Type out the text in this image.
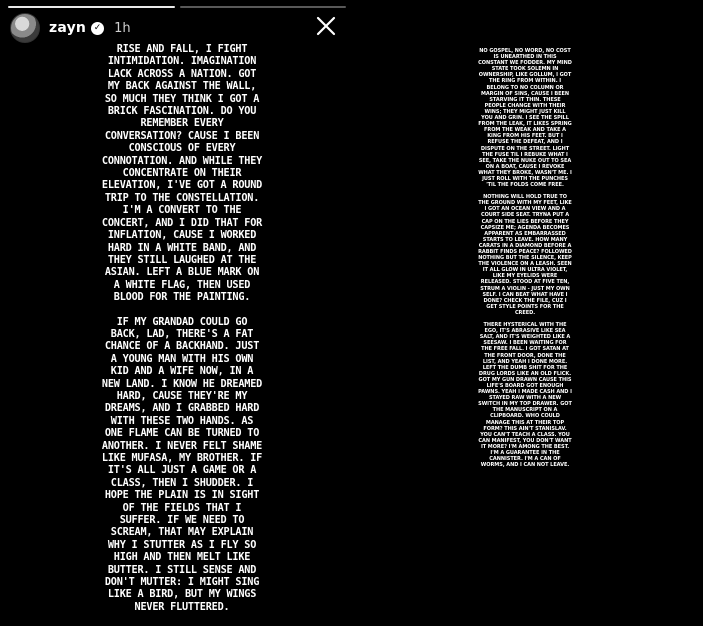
zayn ✓ 1h

RISE AND FALL, I FIGHT INTIMIDATION. IMAGINATION LACK ACROSS A NATION. GOT MY BACK AGAINST THE WALL, SO MUCH THEY THINK I GOT A BRICK FASCINATION. DO YOU REMEMBER EVERY CONVERSATION? CAUSE I BEEN CONSCIOUS OF EVERY CONNOTATION. AND WHILE THEY CONCENTRATE ON THEIR ELEVATION, I'VE GOT A ROUND TRIP TO THE CONSTELLATION. I'M A CONVERT TO THE CONCERT, AND I DID THAT FOR INFLATION, CAUSE I WORKED HARD IN A WHITE BAND, AND THEY STILL LAUGHED AT THE ASIAN. LEFT A BLUE MARK ON A WHITE FLAG, THEN USED BLOOD FOR THE PAINTING.

IF MY GRANDAD COULD GO BACK, LAD, THERE'S A FAT CHANCE OF A BACKHAND. JUST A YOUNG MAN WITH HIS OWN KID AND A WIFE NOW, IN A NEW LAND. I KNOW HE DREAMED HARD, CAUSE THEY'RE MY DREAMS, AND I GRABBED HARD WITH THESE TWO HANDS. AS ONE FLAME CAN BE TURNED TO ANOTHER. I NEVER FELT SHAME LIKE MUFASA, MY BROTHER. IF IT'S ALL JUST A GAME OR A CLASS, THEN I SHUDDER. I HOPE THE PLAIN IS IN SIGHT OF THE FIELDS THAT I SUFFER. IF WE NEED TO SCREAM, THAT MAY EXPLAIN WHY I STUTTER AS I FLY SO HIGH AND THEN MELT LIKE BUTTER. I STILL SENSE AND DON'T MUTTER: I MIGHT SING LIKE A BIRD, BUT MY WINGS NEVER FLUTTERED.

NO GOSPEL, NO WORD, NO COST IS UNEARTHED IN THIS CONSTANT WE FODDER. MY MIND STATE TOOK SOLEMN IN OWNERSHIP, LIKE GOLLUM, I GOT THE RING FROM WITHIN. I BELONG TO NO COLUMN OR MARGIN OF SINS, CAUSE I BEEN STARVING IT THIN. THESE PEOPLE CHANGE WITH THEIR WINS; THEY MIGHT JUST KILL YOU AND GRIN. I SEE THE SPILL FROM THE LEAK, IT LIKES SPRING FROM THE WEAK AND TAKE A KING FROM HIS FEET. BUT I REFUSE THE DEFEAT, AND I DISPUTE ON THE STREET. LIGHT THE FUSE TIL I REBUKE WHAT I SEE, TAKE THE NUKE OUT TO SEA ON A BOAT, CAUSE I REVOKE WHAT THEY BROKE, WASN'T ME. I JUST ROLL WITH THE PUNCHES 'TIL THE FOLDS COME FREE.

NOTHING WILL HOLD TRUE TO THE GROUND WITH MY FEET, LIKE I GOT AN OCEAN VIEW AND A COURT SIDE SEAT. TRYNA PUT A CAP ON THE LIES BEFORE THEY CAPSIZE ME; AGENDA BECOMES APPARENT AS EMBARRASSED STARTS TO LEAVE. HOW MANY CARATS IN A DIAMOND BEFORE A RABBIT FINDS PEACE? FOLLOWED NOTHING BUT THE SILENCE, KEEP THE VIOLENCE ON A LEASH. SEEN IT ALL GLOW IN ULTRA VIOLET, LIKE MY EYELIDS WERE RELEASED. STOOD AT FIVE TEN, STRUM A VIOLIN - JUST MY OWN SELF. I CAN BEAT WHAT HAVE I DONE? CHECK THE FILE, CUZ I GET STYLE POINTS FOR THE CREED.

THERE HYSTERICAL WITH THE EGO, IT'S ABRASIVE LIKE SEA SALT, AND IT'S WEIGHTED LIKE A SEESAW. I BEEN WAITING FOR THE FREE FALL. I GOT SATAN AT THE FRONT DOOR, DONE THE LIST, AND YEAH I DONE MORE. LEFT THE DUMB SHIT FOR THE DRUG LORDS LIKE AN OLD FLICK. GOT MY GUN DRAWN CAUSE THIS LIFE'S BOARD GOT ENOUGH PAWNS. YEAH I MADE CASH AND I STAYED RAW WITH A NEW SWITCH IN MY TOP DRAWER. GOT THE MANUSCRIPT ON A CLIPBOARD. WHO COULD MANAGE THIS AT THEIR TOP FORM? THIS AIN'T STANISLAV. YOU CAN'T TEACH A CLASS. YOU CAN MANIFEST, YOU DON'T WANT IT MORE? I'M AMONG THE BEST. I'M A GUARANTEE IN THE CANNISTER. I'M A CAN OF WORMS, AND I CAN NOT LEAVE.
